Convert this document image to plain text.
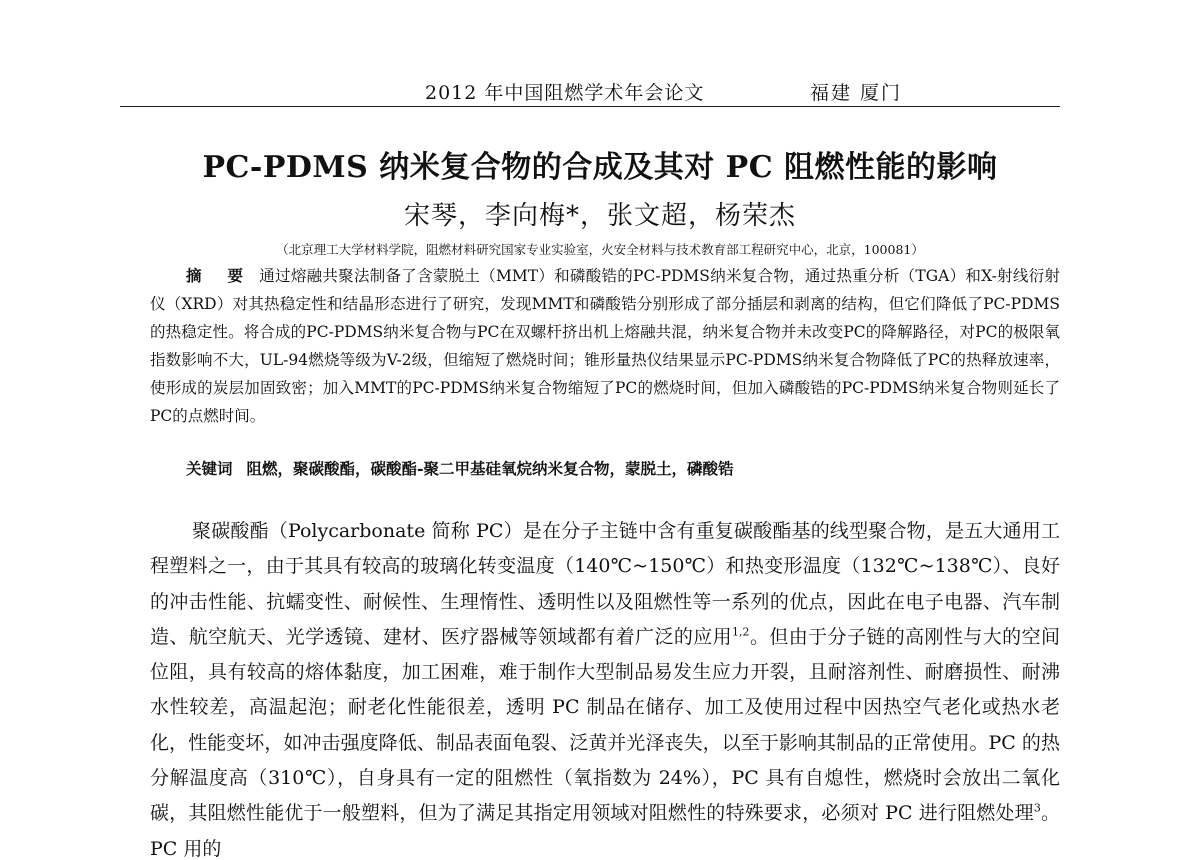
2012 年中国阻燃学术年会论文	福建 厦门
PC-PDMS 纳米复合物的合成及其对 PC 阻燃性能的影响
宋琴，李向梅*，张文超，杨荣杰
（北京理工大学材料学院，阻燃材料研究国家专业实验室，火安全材料与技术教育部工程研究中心，北京，100081）

摘 要 通过熔融共聚法制备了含蒙脱土（MMT）和磷酸锆的PC-PDMS纳米复合物，通过热重分析（TGA）和X-射线衍射仪（XRD）对其热稳定性和结晶形态进行了研究，发现MMT和磷酸锆分别形成了部分插层和剥离的结构，但它们降低了PC-PDMS的热稳定性。将合成的PC-PDMS纳米复合物与PC在双螺杆挤出机上熔融共混，纳米复合物并未改变PC的降解路径，对PC的极限氧指数影响不大，UL-94燃烧等级为V-2级，但缩短了燃烧时间；锥形量热仪结果显示PC-PDMS纳米复合物降低了PC的热释放速率，使形成的炭层加固致密；加入MMT的PC-PDMS纳米复合物缩短了PC的燃烧时间，但加入磷酸锆的PC-PDMS纳米复合物则延长了PC的点燃时间。

关键词 阻燃，聚碳酸酯，碳酸酯-聚二甲基硅氧烷纳米复合物，蒙脱土，磷酸锆

聚碳酸酯（Polycarbonate 简称 PC）是在分子主链中含有重复碳酸酯基的线型聚合物，是五大通用工程塑料之一，由于其具有较高的玻璃化转变温度（140℃~150℃）和热变形温度（132℃~138℃）、良好的冲击性能、抗蠕变性、耐候性、生理惰性、透明性以及阻燃性等一系列的优点，因此在电子电器、汽车制造、航空航天、光学透镜、建材、医疗器械等领域都有着广泛的应用$^{1,2}$。但由于分子链的高刚性与大的空间位阻，具有较高的熔体黏度，加工困难，难于制作大型制品易发生应力开裂，且耐溶剂性、耐磨损性、耐沸水性较差，高温起泡；耐老化性能很差，透明 PC 制品在储存、加工及使用过程中因热空气老化或热水老化，性能变坏，如冲击强度降低、制品表面龟裂、泛黄并光泽丧失，以至于影响其制品的正常使用。PC 的热分解温度高（310℃），自身具有一定的阻燃性（氧指数为 24%），PC 具有自熄性，燃烧时会放出二氧化碳，其阻燃性能优于一般塑料，但为了满足其指定用领域对阻燃性的特殊要求，必须对 PC 进行阻燃处理$^3$。PC 用的
